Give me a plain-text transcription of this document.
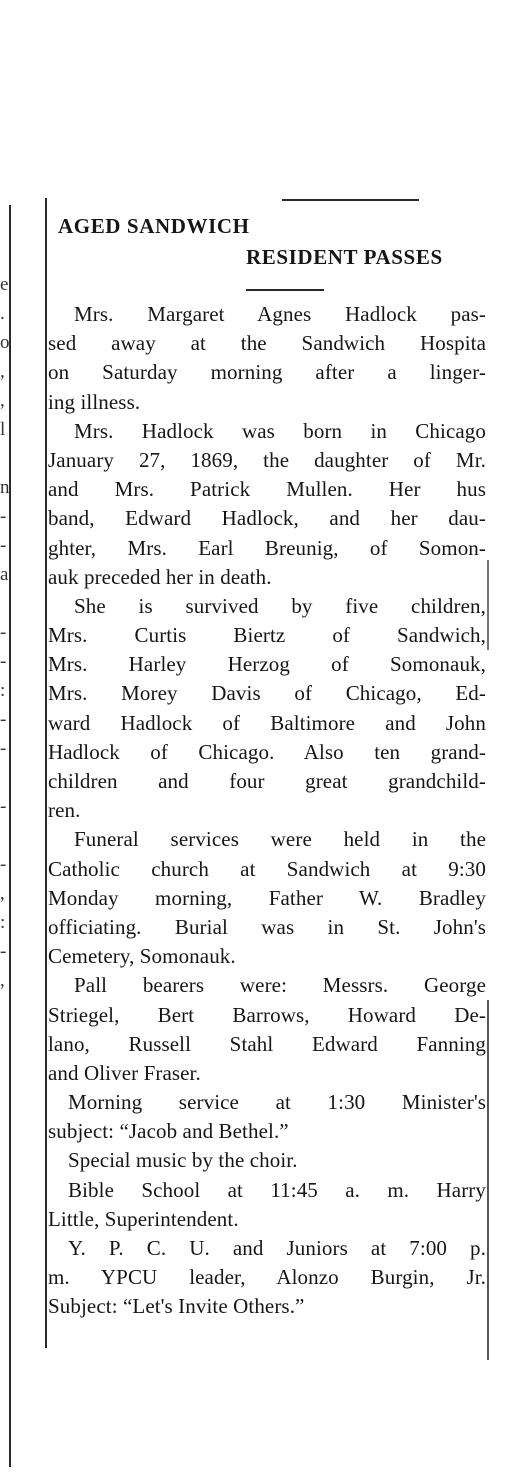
e
.
o
,
,
l
n
-
-
a
-
-
:
-
-
-
-
,
:
-
,
AGED SANDWICH
RESIDENT PASSES
Mrs. Margaret Agnes Hadlock pas-
sed away at the Sandwich Hospita
on Saturday morning after a linger-
ing illness.
Mrs. Hadlock was born in Chicago
January 27, 1869, the daughter of Mr.
and Mrs. Patrick Mullen. Her hus
band, Edward Hadlock, and her dau-
ghter, Mrs. Earl Breunig, of Somon-
auk preceded her in death.
She is survived by five children,
Mrs. Curtis Biertz of Sandwich,
Mrs. Harley Herzog of Somonauk,
Mrs. Morey Davis of Chicago, Ed-
ward Hadlock of Baltimore and John
Hadlock of Chicago. Also ten grand-
children and four great grandchild-
ren.
Funeral services were held in the
Catholic church at Sandwich at 9:30
Monday morning, Father W. Bradley
officiating. Burial was in St. John's
Cemetery, Somonauk.
Pall bearers were: Messrs. George
Striegel, Bert Barrows, Howard De-
lano, Russell Stahl Edward Fanning
and Oliver Fraser.
Morning service at 1:30 Minister's
subject: “Jacob and Bethel.”
Special music by the choir.
Bible School at 11:45 a. m. Harry
Little, Superintendent.
Y. P. C. U. and Juniors at 7:00 p.
m. YPCU leader, Alonzo Burgin, Jr.
Subject: “Let's Invite Others.”
